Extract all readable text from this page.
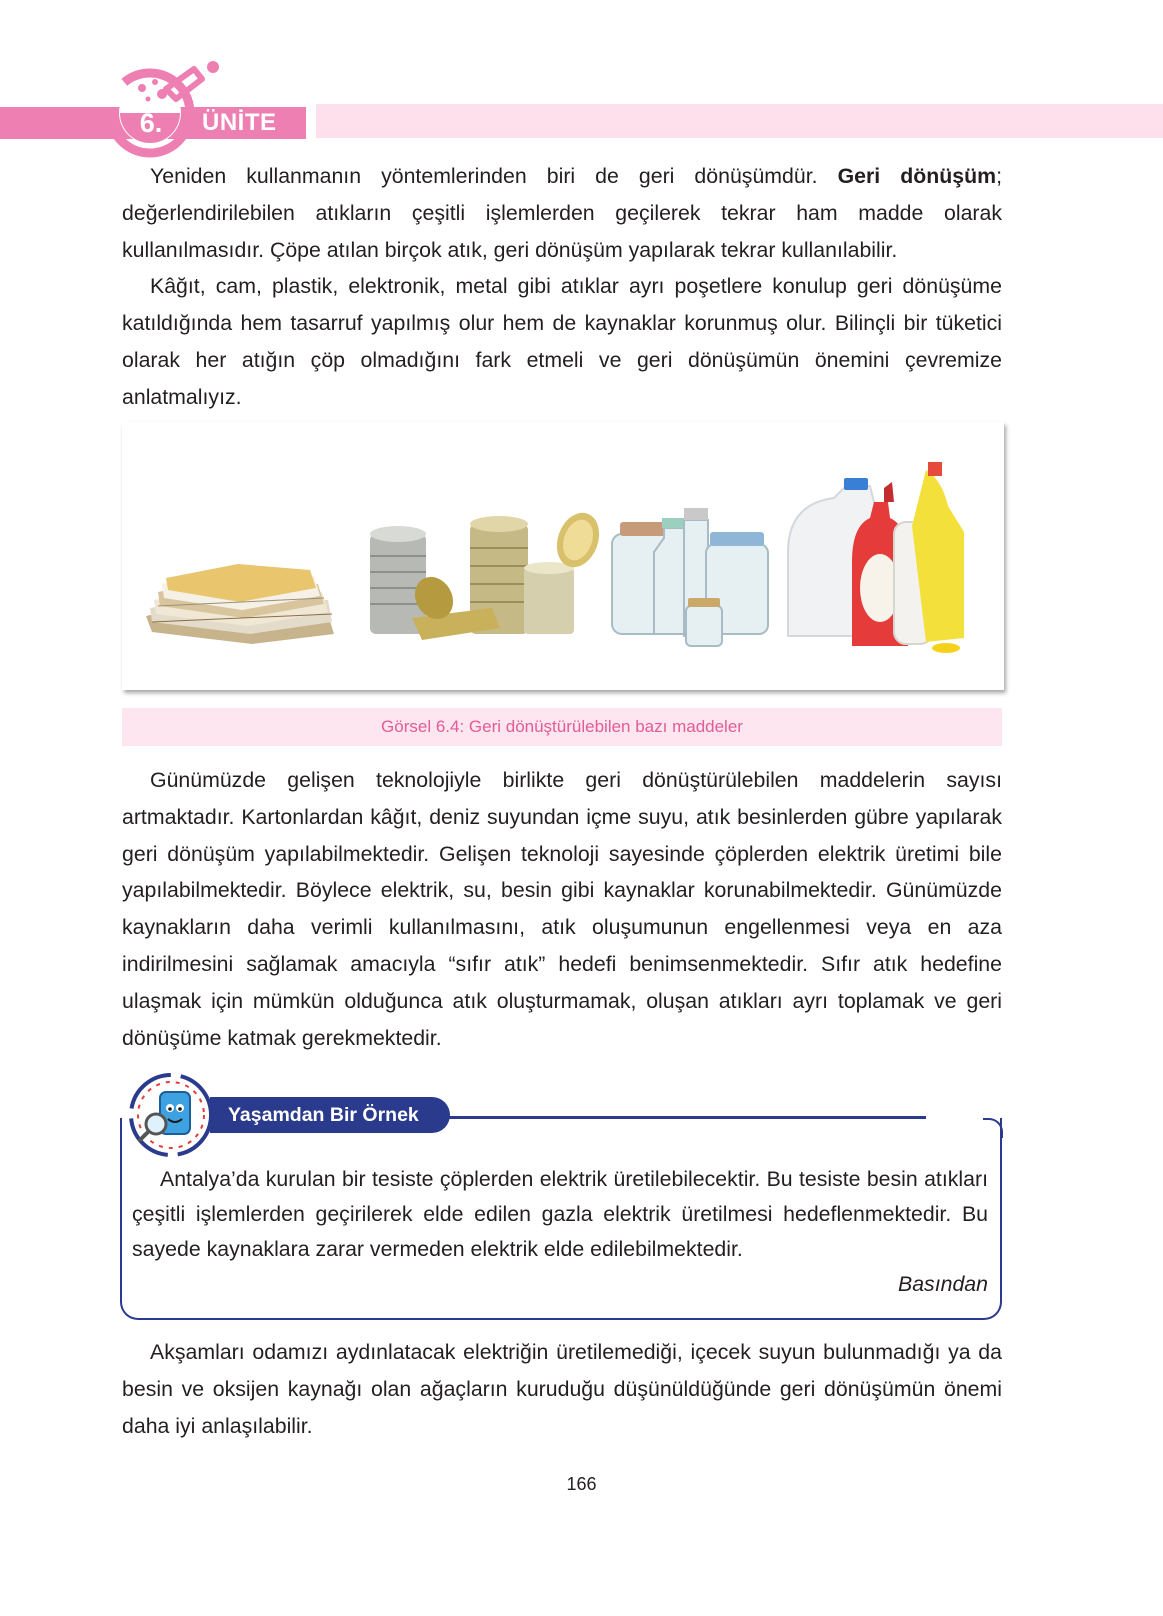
6.	ÜNİTE

Yeniden kullanmanın yöntemlerinden biri de geri dönüşümdür. Geri dönüşüm; değerlendirilebilen atıkların çeşitli işlemlerden geçilerek tekrar ham madde olarak kullanılmasıdır. Çöpe atılan birçok atık, geri dönüşüm yapılarak tekrar kullanılabilir.

Kâğıt, cam, plastik, elektronik, metal gibi atıklar ayrı poşetlere konulup geri dönüşüme katıldığında hem tasarruf yapılmış olur hem de kaynaklar korunmuş olur. Bilinçli bir tüketici olarak her atığın çöp olmadığını fark etmeli ve geri dönüşümün önemini çevremize anlatmalıyız.

Görsel 6.4: Geri dönüştürülebilen bazı maddeler

Günümüzde gelişen teknolojiyle birlikte geri dönüştürülebilen maddelerin sayısı artmaktadır. Kartonlardan kâğıt, deniz suyundan içme suyu, atık besinlerden gübre yapılarak geri dönüşüm yapılabilmektedir. Gelişen teknoloji sayesinde çöplerden elektrik üretimi bile yapılabilmektedir. Böylece elektrik, su, besin gibi kaynaklar korunabilmektedir. Günümüzde kaynakların daha verimli kullanılmasını, atık oluşumunun engellenmesi veya en aza indirilmesini sağlamak amacıyla “sıfır atık” hedefi benimsenmektedir. Sıfır atık hedefine ulaşmak için mümkün olduğunca atık oluşturmamak, oluşan atıkları ayrı toplamak ve geri dönüşüme katmak gerekmektedir.

Yaşamdan Bir Örnek

Antalya’da kurulan bir tesiste çöplerden elektrik üretilebilecektir. Bu tesiste besin atıkları çeşitli işlemlerden geçirilerek elde edilen gazla elektrik üretilmesi hedeflenmektedir. Bu sayede kaynaklara zarar vermeden elektrik elde edilebilmektedir.

Basından

Akşamları odamızı aydınlatacak elektriğin üretilemediği, içecek suyun bulunmadığı ya da besin ve oksijen kaynağı olan ağaçların kuruduğu düşünüldüğünde geri dönüşümün önemi daha iyi anlaşılabilir.

166
